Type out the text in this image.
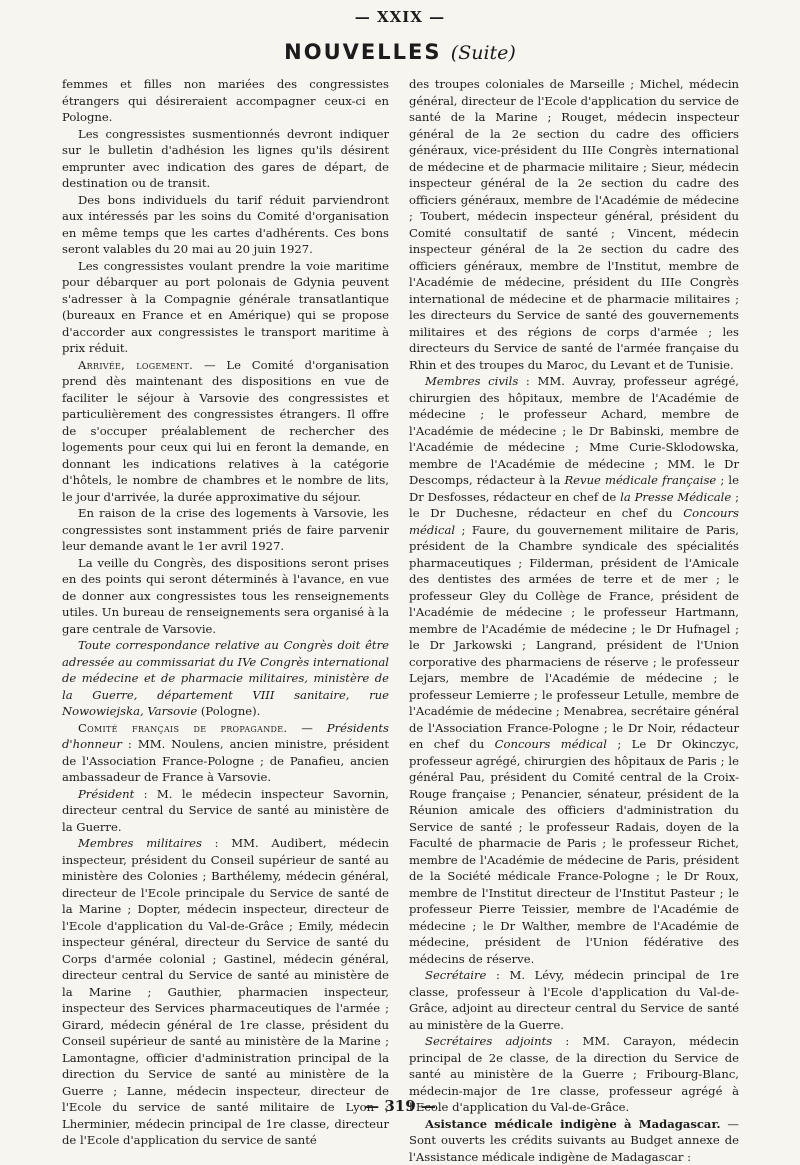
— XXIX —
NOUVELLES (Suite)

femmes et filles non mariées des congressistes étrangers qui désireraient accompagner ceux-ci en Pologne.

Les congressistes susmentionnés devront indiquer sur le bulletin d'adhésion les lignes qu'ils désirent emprunter avec indication des gares de départ, de destination ou de transit.

Des bons individuels du tarif réduit parviendront aux intéressés par les soins du Comité d'organisation en même temps que les cartes d'adhérents. Ces bons seront valables du 20 mai au 20 juin 1927.

Les congressistes voulant prendre la voie maritime pour débarquer au port polonais de Gdynia peuvent s'adresser à la Compagnie générale transatlantique (bureaux en France et en Amérique) qui se propose d'accorder aux congressistes le transport maritime à prix réduit.

Arrivée, logement. — Le Comité d'organisation prend dès maintenant des dispositions en vue de faciliter le séjour à Varsovie des congressistes et particulièrement des congressistes étrangers. Il offre de s'occuper préalablement de rechercher des logements pour ceux qui lui en feront la demande, en donnant les indications relatives à la catégorie d'hôtels, le nombre de chambres et le nombre de lits, le jour d'arrivée, la durée approximative du séjour.

En raison de la crise des logements à Varsovie, les congressistes sont instamment priés de faire parvenir leur demande avant le 1er avril 1927.

La veille du Congrès, des dispositions seront prises en des points qui seront déterminés à l'avance, en vue de donner aux congressistes tous les renseignements utiles. Un bureau de renseignements sera organisé à la gare centrale de Varsovie.

Toute correspondance relative au Congrès doit être adressée au commissariat du IVe Congrès international de médecine et de pharmacie militaires, ministère de la Guerre, département VIII sanitaire, rue Nowowiejska, Varsovie (Pologne).

Comité français de propagande. — Présidents d'honneur : MM. Noulens, ancien ministre, président de l'Association France-Pologne ; de Panafieu, ancien ambassadeur de France à Varsovie.

Président : M. le médecin inspecteur Savornin, directeur central du Service de santé au ministère de la Guerre.

Membres militaires : MM. Audibert, médecin inspecteur, président du Conseil supérieur de santé au ministère des Colonies ; Barthélemy, médecin général, directeur de l'Ecole principale du Service de santé de la Marine ; Dopter, médecin inspecteur, directeur de l'Ecole d'application du Val-de-Grâce ; Emily, médecin inspecteur général, directeur du Service de santé du Corps d'armée colonial ; Gastinel, médecin général, directeur central du Service de santé au ministère de la Marine ; Gauthier, pharmacien inspecteur, inspecteur des Services pharmaceutiques de l'armée ; Girard, médecin général de 1re classe, président du Conseil supérieur de santé au ministère de la Marine ; Lamontagne, officier d'administration principal de la direction du Service de santé au ministère de la Guerre ; Lanne, médecin inspecteur, directeur de l'Ecole du service de santé militaire de Lyon ; Lherminier, médecin principal de 1re classe, directeur de l'Ecole d'application du service de santé

des troupes coloniales de Marseille ; Michel, médecin général, directeur de l'Ecole d'application du service de santé de la Marine ; Rouget, médecin inspecteur général de la 2e section du cadre des officiers généraux, vice-président du IIIe Congrès international de médecine et de pharmacie militaire ; Sieur, médecin inspecteur général de la 2e section du cadre des officiers généraux, membre de l'Académie de médecine ; Toubert, médecin inspecteur général, président du Comité consultatif de santé ; Vincent, médecin inspecteur général de la 2e section du cadre des officiers généraux, membre de l'Institut, membre de l'Académie de médecine, président du IIIe Congrès international de médecine et de pharmacie militaires ; les directeurs du Service de santé des gouvernements militaires et des régions de corps d'armée ; les directeurs du Service de santé de l'armée française du Rhin et des troupes du Maroc, du Levant et de Tunisie.

Membres civils : MM. Auvray, professeur agrégé, chirurgien des hôpitaux, membre de l'Académie de médecine ; le professeur Achard, membre de l'Académie de médecine ; le Dr Babinski, membre de l'Académie de médecine ; Mme Curie-Sklodowska, membre de l'Académie de médecine ; MM. le Dr Descomps, rédacteur à la Revue médicale française ; le Dr Desfosses, rédacteur en chef de la Presse Médicale ; le Dr Duchesne, rédacteur en chef du Concours médical ; Faure, du gouvernement militaire de Paris, président de la Chambre syndicale des spécialités pharmaceutiques ; Filderman, président de l'Amicale des dentistes des armées de terre et de mer ; le professeur Gley du Collège de France, président de l'Académie de médecine ; le professeur Hartmann, membre de l'Académie de médecine ; le Dr Hufnagel ; le Dr Jarkowski ; Langrand, président de l'Union corporative des pharmaciens de réserve ; le professeur Lejars, membre de l'Académie de médecine ; le professeur Lemierre ; le professeur Letulle, membre de l'Académie de médecine ; Menabrea, secrétaire général de l'Association France-Pologne ; le Dr Noir, rédacteur en chef du Concours médical ; Le Dr Okinczyc, professeur agrégé, chirurgien des hôpitaux de Paris ; le général Pau, président du Comité central de la Croix-Rouge française ; Penancier, sénateur, président de la Réunion amicale des officiers d'administration du Service de santé ; le professeur Radais, doyen de la Faculté de pharmacie de Paris ; le professeur Richet, membre de l'Académie de médecine de Paris, président de la Société médicale France-Pologne ; le Dr Roux, membre de l'Institut directeur de l'Institut Pasteur ; le professeur Pierre Teissier, membre de l'Académie de médecine ; le Dr Walther, membre de l'Académie de médecine, président de l'Union fédérative des médecins de réserve.

Secrétaire : M. Lévy, médecin principal de 1re classe, professeur à l'Ecole d'application du Val-de-Grâce, adjoint au directeur central du Service de santé au ministère de la Guerre.

Secrétaires adjoints : MM. Carayon, médecin principal de 2e classe, de la direction du Service de santé au ministère de la Guerre ; Fribourg-Blanc, médecin-major de 1re classe, professeur agrégé à l'Ecole d'application du Val-de-Grâce.

Asistance médicale indigène à Madagascar. — Sont ouverts les crédits suivants au Budget annexe de l'Assistance médicale indigène de Madagascar :

— 319 —
